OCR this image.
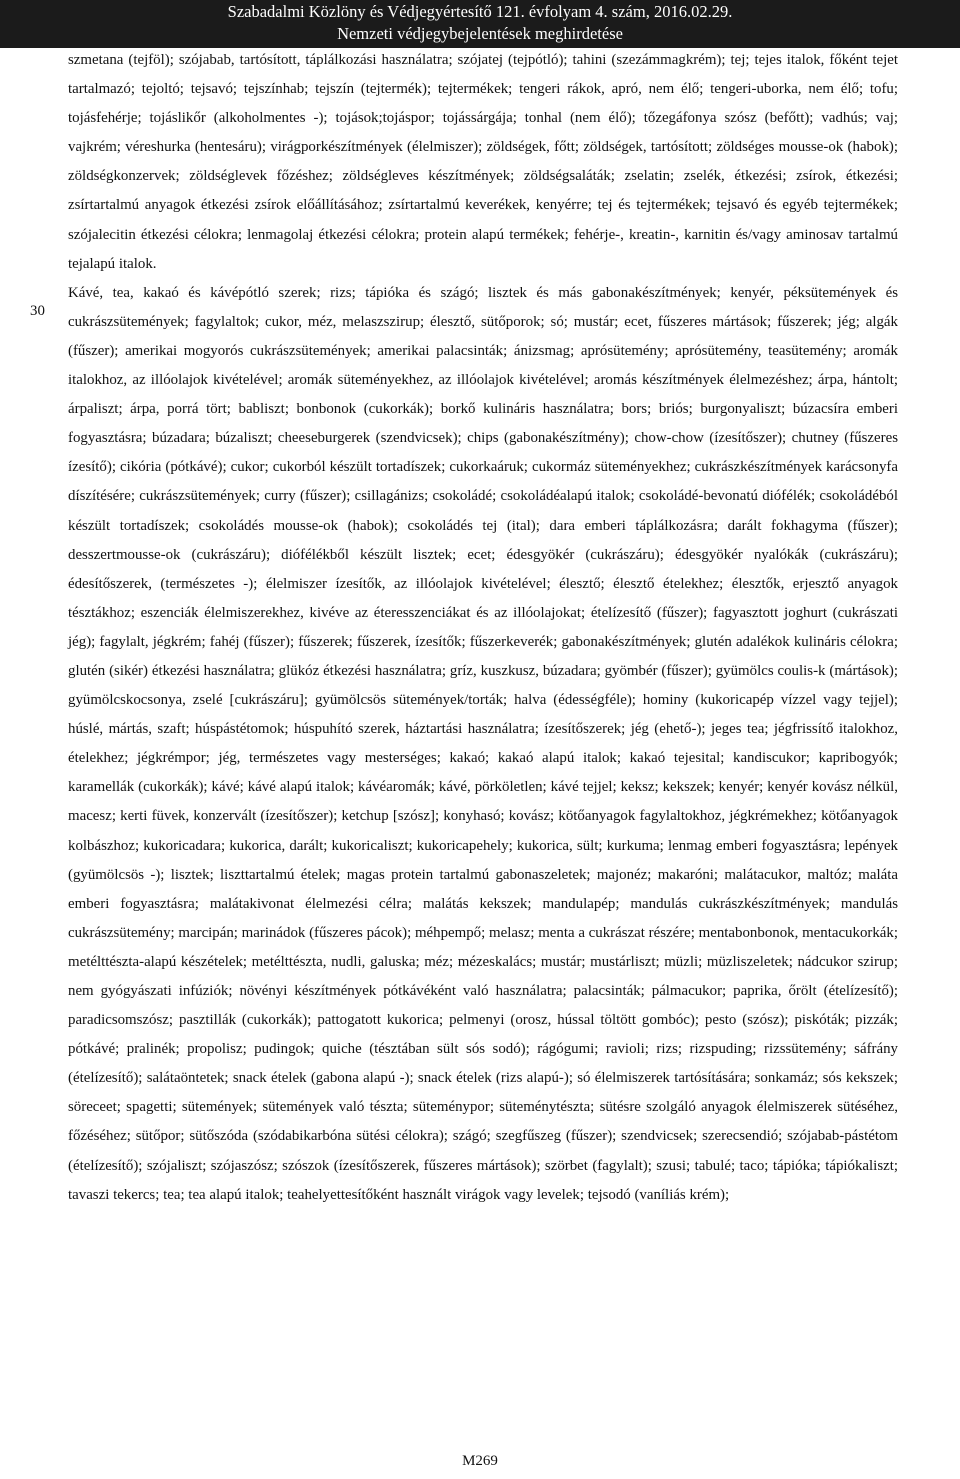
Szabadalmi Közlöny és Védjegyértesítő 121. évfolyam 4. szám, 2016.02.29.
Nemzeti védjegybejelentések meghirdetése

szmetana (tejföl); szójabab, tartósított, táplálkozási használatra; szójatej (tejpótló); tahini (szezámmagkrém); tej; tejes italok, főként tejet tartalmazó; tejoltó; tejsavó; tejszínhab; tejszín (tejtermék); tejtermékek; tengeri rákok, apró, nem élő; tengeri-uborka, nem élő; tofu; tojásfehérje; tojáslikőr (alkoholmentes -); tojások;tojáspor; tojássárgája; tonhal (nem élő); tőzegáfonya szósz (befőtt); vadhús; vaj; vajkrém; véreshurka (hentesáru); virágporkészítmények (élelmiszer); zöldségek, főtt; zöldségek, tartósított; zöldséges mousse-ok (habok); zöldségkonzervek; zöldséglevek főzéshez; zöldségleves készítmények; zöldségsaláták; zselatin; zselék, étkezési; zsírok, étkezési; zsírtartalmú anyagok étkezési zsírok előállításához; zsírtartalmú keverékek, kenyérre; tej és tejtermékek; tejsavó és egyéb tejtermékek; szójalecitin étkezési célokra; lenmagolaj étkezési célokra; protein alapú termékek; fehérje-, kreatin-, karnitin és/vagy aminosav tartalmú tejalapú italok.

30
Kávé, tea, kakaó és kávépótló szerek; rizs; tápióka és szágó; lisztek és más gabonakészítmények; kenyér, péksütemények és cukrászsütemények; fagylaltok; cukor, méz, melaszszirup; élesztő, sütőporok; só; mustár; ecet, fűszeres mártások; fűszerek; jég; algák (fűszer); amerikai mogyorós cukrászsütemények; amerikai palacsinták; ánizsmag; aprósütemény; aprósütemény, teasütemény; aromák italokhoz, az illóolajok kivételével; aromák süteményekhez, az illóolajok kivételével; aromás készítmények élelmezéshez; árpa, hántolt; árpaliszt; árpa, porrá tört; babliszt; bonbonok (cukorkák); borkő kulináris használatra; bors; briós; burgonyaliszt; búzacsíra emberi fogyasztásra; búzadara; búzaliszt; cheeseburgerek (szendvicsek); chips (gabonakészítmény); chow-chow (ízesítőszer); chutney (fűszeres ízesítő); cikória (pótkávé); cukor; cukorból készült tortadíszek; cukorkaáruk; cukormáz süteményekhez; cukrászkészítmények karácsonyfa díszítésére; cukrászsütemények; curry (fűszer); csillagánizs; csokoládé; csokoládéalapú italok; csokoládé-bevonatú diófélék; csokoládéból készült tortadíszek; csokoládés mousse-ok (habok); csokoládés tej (ital); dara emberi táplálkozásra; darált fokhagyma (fűszer); desszertmousse-ok (cukrászáru); diófélékből készült lisztek; ecet; édesgyökér (cukrászáru); édesgyökér nyalókák (cukrászáru); édesítőszerek, (természetes -); élelmiszer ízesítők, az illóolajok kivételével; élesztő; élesztő ételekhez; élesztők, erjesztő anyagok tésztákhoz; eszenciák élelmiszerekhez, kivéve az éteresszenciákat és az illóolajokat; ételízesítő (fűszer); fagyasztott joghurt (cukrászati jég); fagylalt, jégkrém; fahéj (fűszer); fűszerek; fűszerek, ízesítők; fűszerkeverék; gabonakészítmények; glutén adalékok kulináris célokra; glutén (sikér) étkezési használatra; glükóz étkezési használatra; gríz, kuszkusz, búzadara; gyömbér (fűszer); gyümölcs coulis-k (mártások); gyümölcskocsonya, zselé [cukrászáru]; gyümölcsös sütemények/torták; halva (édességféle); hominy (kukoricapép vízzel vagy tejjel); húslé, mártás, szaft; húspástétomok; húspuhító szerek, háztartási használatra; ízesítőszerek; jég (ehető-); jeges tea; jégfrissítő italokhoz, ételekhez; jégkrémpor; jég, természetes vagy mesterséges; kakaó; kakaó alapú italok; kakaó tejesital; kandiscukor; kapribogyók; karamellák (cukorkák); kávé; kávé alapú italok; kávéaromák; kávé, pörköletlen; kávé tejjel; keksz; kekszek; kenyér; kenyér kovász nélkül, macesz; kerti füvek, konzervált (ízesítőszer); ketchup [szósz]; konyhasó; kovász; kötőanyagok fagylaltokhoz, jégkrémekhez; kötőanyagok kolbászhoz; kukoricadara; kukorica, darált; kukoricaliszt; kukoricapehely; kukorica, sült; kurkuma; lenmag emberi fogyasztásra; lepények (gyümölcsös -); lisztek; liszttartalmú ételek; magas protein tartalmú gabonaszeletek; majonéz; makaróni; malátacukor, maltóz; maláta emberi fogyasztásra; malátakivonat élelmezési célra; malátás kekszek; mandulapép; mandulás cukrászkészítmények; mandulás cukrászsütemény; marcipán; marinádok (fűszeres pácok); méhpempő; melasz; menta a cukrászat részére; mentabonbonok, mentacukorkák; metélttészta-alapú készételek; metélttészta, nudli, galuska; méz; mézeskalács; mustár; mustárliszt; müzli; müzliszeletek; nádcukor szirup; nem gyógyászati infúziók; növényi készítmények pótkávéként való használatra; palacsinták; pálmacukor; paprika, őrölt (ételízesítő); paradicsomszósz; pasztillák (cukorkák); pattogatott kukorica; pelmenyi (orosz, hússal töltött gombóc); pesto (szósz); piskóták; pizzák; pótkávé; pralinék; propolisz; pudingok; quiche (tésztában sült sós sodó); rágógumi; ravioli; rizs; rizspuding; rizssütemény; sáfrány (ételízesítő); salátaöntetek; snack ételek (gabona alapú -); snack ételek (rizs alapú-); só élelmiszerek tartósítására; sonkamáz; sós kekszek; söreceet; spagetti; sütemények; sütemények való tészta; süteménypor; süteménytészta; sütésre szolgáló anyagok élelmiszerek sütéséhez, főzéséhez; sütőpor; sütőszóda (szódabikarbóna sütési célokra); szágó; szegfűszeg (fűszer); szendvicsek; szerecsendió; szójabab-pástétom (ételízesítő); szójaliszt; szójaszósz; szószok (ízesítőszerek, fűszeres mártások); szörbet (fagylalt); szusi; tabulé; taco; tápióka; tápiókaliszt; tavaszi tekercs; tea; tea alapú italok; teahelyettesítőként használt virágok vagy levelek; tejsodó (vaníliás krém);

M269
